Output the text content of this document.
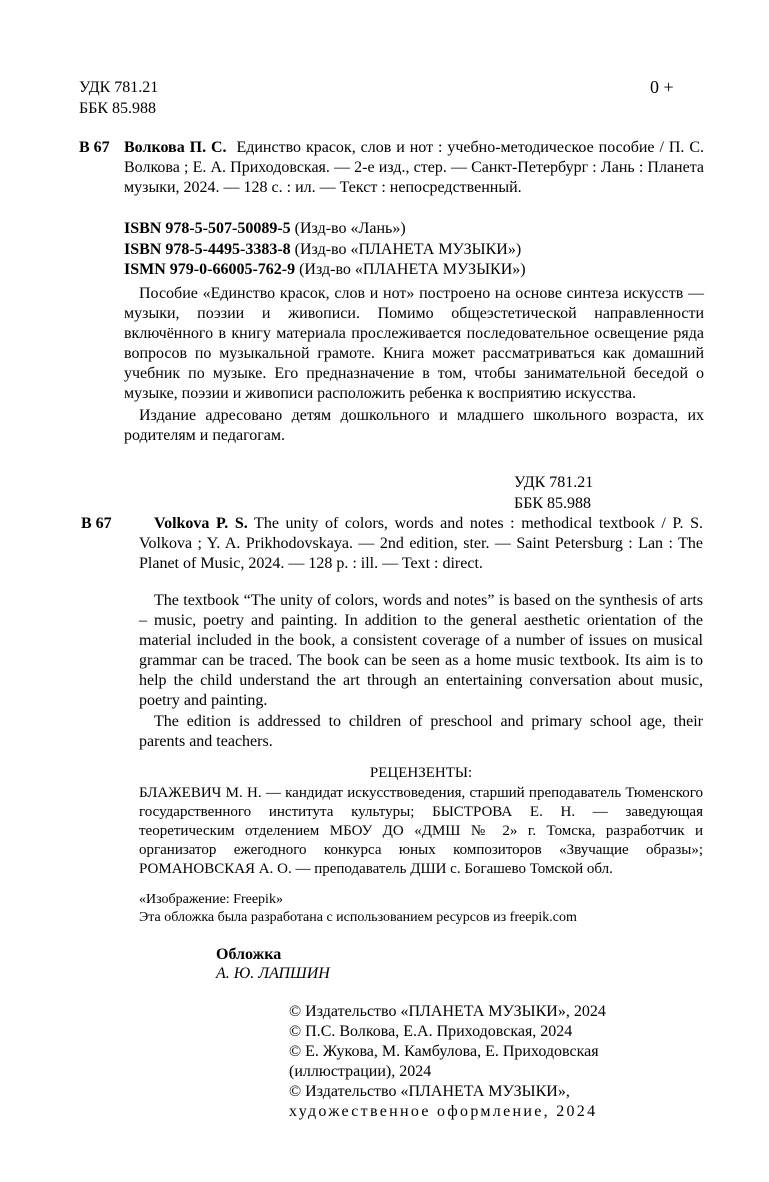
УДК 781.21
ББК 85.988
0 +
В 67 Волкова П. С. Единство красок, слов и нот : учебно-методическое пособие / П. С. Волкова ; Е. А. Приходовская. — 2-е изд., стер. — Санкт-Петербург : Лань : Планета музыки, 2024. — 128 с. : ил. — Текст : непосредственный.

ISBN 978-5-507-50089-5 (Изд-во «Лань»)

ISBN 978-5-4495-3383-8 (Изд-во «ПЛАНЕТА МУЗЫКИ»)

ISMN 979-0-66005-762-9 (Изд-во «ПЛАНЕТА МУЗЫКИ»)

Пособие «Единство красок, слов и нот» построено на основе синтеза искусств — музыки, поэзии и живописи. Помимо общеэстетической направленности включённого в книгу материала прослеживается последовательное освещение ряда вопросов по музыкальной грамоте. Книга может рассматриваться как домашний учебник по музыке. Его предназначение в том, чтобы занимательной беседой о музыке, поэзии и живописи расположить ребенка к восприятию искусства.

Издание адресовано детям дошкольного и младшего школьного возраста, их родителям и педагогам.

УДК 781.21
ББК 85.988
В 67	Volkova P. S. The unity of colors, words and notes : methodical textbook / P. S. Volkova ; Y. A. Prikhodovskaya. — 2nd edition, ster. — Saint Petersburg : Lan : The Planet of Music, 2024. — 128 p. : ill. — Text : direct.

The textbook “The unity of colors, words and notes” is based on the synthesis of arts – music, poetry and painting. In addition to the general aesthetic orientation of the material included in the book, a consistent coverage of a number of issues on musical grammar can be traced. The book can be seen as a home music textbook. Its aim is to help the child understand the art through an entertaining conversation about music, poetry and painting.

The edition is addressed to children of preschool and primary school age, their parents and teachers.

РЕЦЕНЗЕНТЫ:
БЛАЖЕВИЧ М. Н. — кандидат искусствоведения, старший преподаватель Тюменского государственного института культуры; БЫСТРОВА Е. Н. — заведующая теоретическим отделением МБОУ ДО «ДМШ № 2» г. Томска, разработчик и организатор ежегодного конкурса юных композиторов «Звучащие образы»; РОМАНОВСКАЯ А. О. — преподаватель ДШИ с. Богашево Томской обл.
«Изображение: Freepik»
Эта обложка была разработана с использованием ресурсов из freepik.com
Обложка
А. Ю. ЛАПШИН

© Издательство «ПЛАНЕТА МУЗЫКИ», 2024

© П.С. Волкова, Е.А. Приходовская, 2024

© Е. Жукова, М. Камбулова, Е. Приходовская

(иллюстрации), 2024

© Издательство «ПЛАНЕТА МУЗЫКИ»,

художественное оформление, 2024
